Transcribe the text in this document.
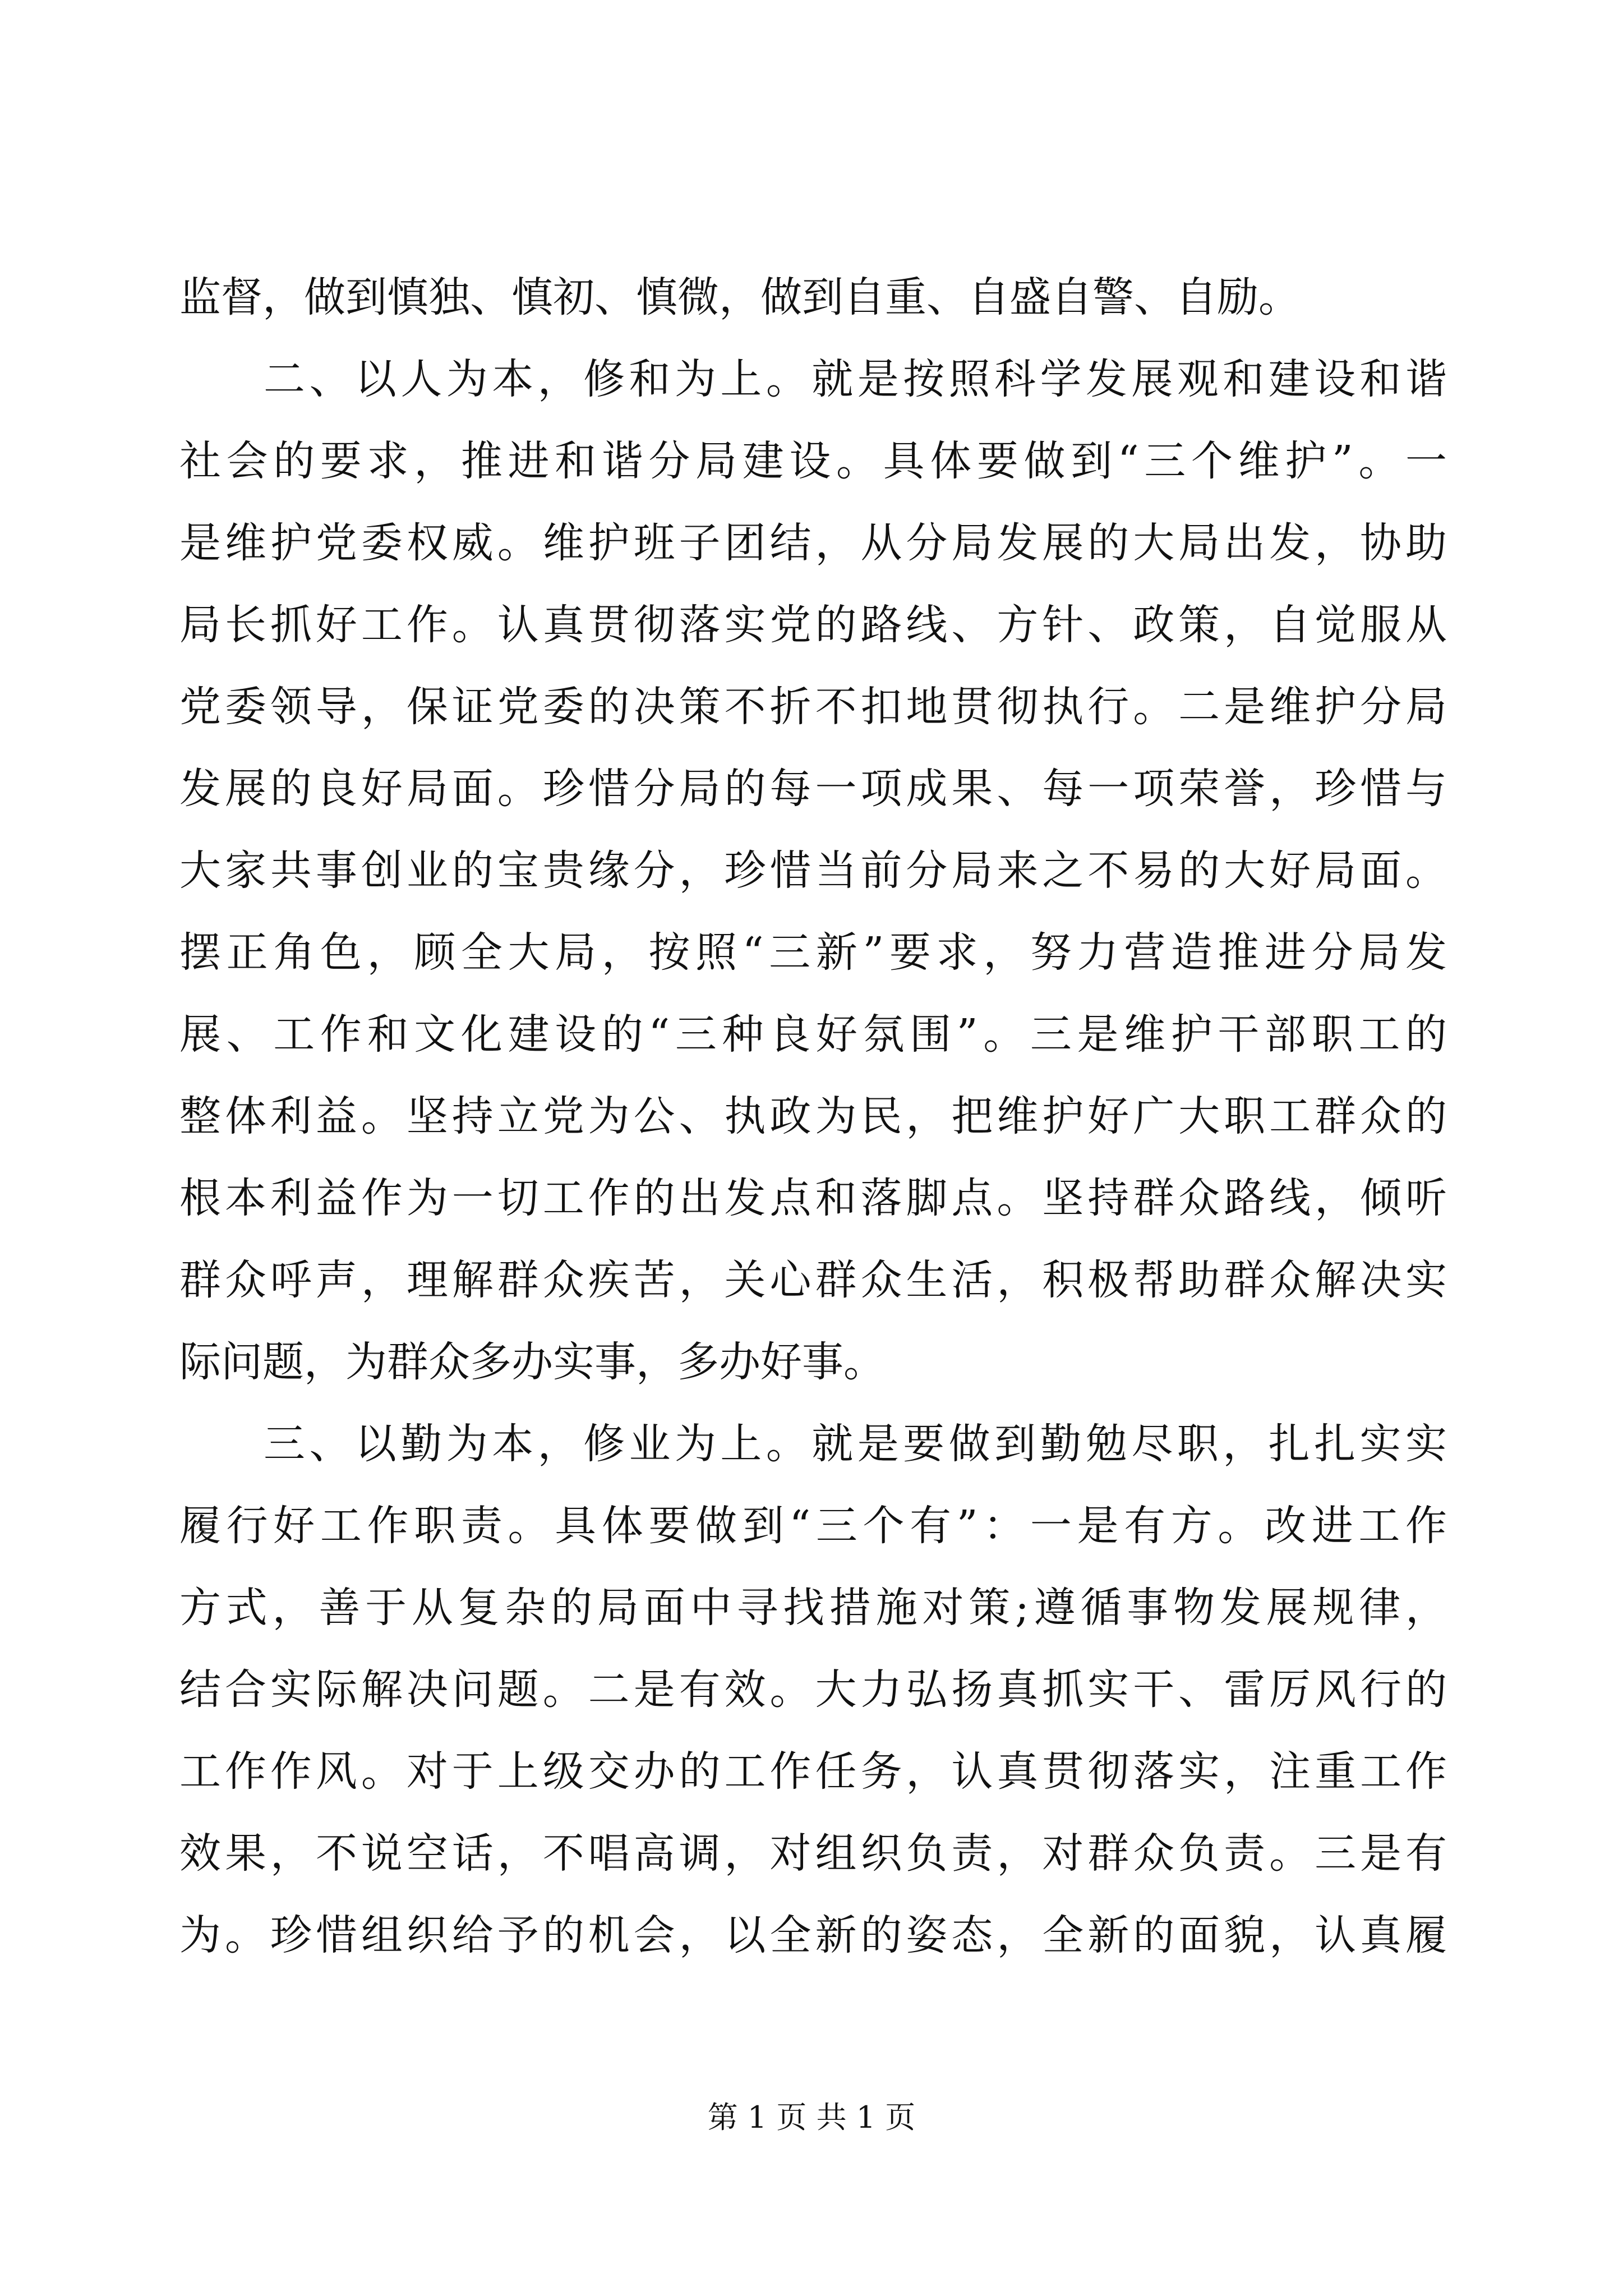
监督，做到慎独、慎初、慎微，做到自重、自盛自警、自励。
二、以人为本，修和为上。就是按照科学发展观和建设和谐
社会的要求，推进和谐分局建设。具体要做到“三个维护”。一
是维护党委权威。维护班子团结，从分局发展的大局出发，协助
局长抓好工作。认真贯彻落实党的路线、方针、政策，自觉服从
党委领导，保证党委的决策不折不扣地贯彻执行。二是维护分局
发展的良好局面。珍惜分局的每一项成果、每一项荣誉，珍惜与
大家共事创业的宝贵缘分，珍惜当前分局来之不易的大好局面。
摆正角色，顾全大局，按照“三新”要求，努力营造推进分局发
展、工作和文化建设的“三种良好氛围”。三是维护干部职工的
整体利益。坚持立党为公、执政为民，把维护好广大职工群众的
根本利益作为一切工作的出发点和落脚点。坚持群众路线，倾听
群众呼声，理解群众疾苦，关心群众生活，积极帮助群众解决实
际问题，为群众多办实事，多办好事。
三、以勤为本，修业为上。就是要做到勤勉尽职，扎扎实实
履行好工作职责。具体要做到“三个有”：一是有方。改进工作
方式，善于从复杂的局面中寻找措施对策;遵循事物发展规律，
结合实际解决问题。二是有效。大力弘扬真抓实干、雷厉风行的
工作作风。对于上级交办的工作任务，认真贯彻落实，注重工作
效果，不说空话，不唱高调，对组织负责，对群众负责。三是有
为。珍惜组织给予的机会，以全新的姿态，全新的面貌，认真履
第 1 页 共 1 页
